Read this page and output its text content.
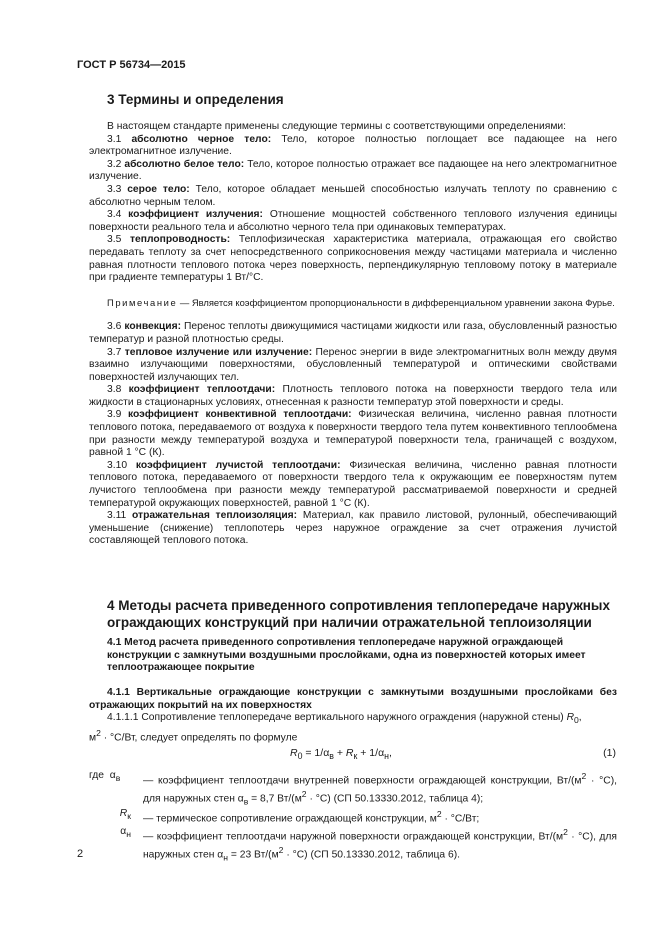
ГОСТ Р 56734—2015
3 Термины и определения

В настоящем стандарте применены следующие термины с соответствующими определениями:

3.1 абсолютно черное тело: Тело, которое полностью поглощает все падающее на него электромагнитное излучение.

3.2 абсолютно белое тело: Тело, которое полностью отражает все падающее на него электромагнитное излучение.

3.3 серое тело: Тело, которое обладает меньшей способностью излучать теплоту по сравнению с абсолютно черным телом.

3.4 коэффициент излучения: Отношение мощностей собственного теплового излучения единицы поверхности реального тела и абсолютно черного тела при одинаковых температурах.

3.5 теплопроводность: Теплофизическая характеристика материала, отражающая его свойство передавать теплоту за счет непосредственного соприкосновения между частицами материала и численно равная плотности теплового потока через поверхность, перпендикулярную тепловому потоку в материале при градиенте температуры 1 Вт/°С.

Примечание — Является коэффициентом пропорциональности в дифференциальном уравнении закона Фурье.

3.6 конвекция: Перенос теплоты движущимися частицами жидкости или газа, обусловленный разностью температур и разной плотностью среды.

3.7 тепловое излучение или излучение: Перенос энергии в виде электромагнитных волн между двумя взаимно излучающими поверхностями, обусловленный температурой и оптическими свойствами поверхностей излучающих тел.

3.8 коэффициент теплоотдачи: Плотность теплового потока на поверхности твердого тела или жидкости в стационарных условиях, отнесенная к разности температур этой поверхности и среды.

3.9 коэффициент конвективной теплоотдачи: Физическая величина, численно равная плотности теплового потока, передаваемого от воздуха к поверхности твердого тела путем конвективного теплообмена при разности между температурой воздуха и температурой поверхности тела, граничащей с воздухом, равной 1 °С (К).

3.10 коэффициент лучистой теплоотдачи: Физическая величина, численно равная плотности теплового потока, передаваемого от поверхности твердого тела к окружающим ее поверхностям путем лучистого теплообмена при разности между температурой рассматриваемой поверхности и средней температурой окружающих поверхностей, равной 1 °С (К).

3.11 отражательная теплоизоляция: Материал, как правило листовой, рулонный, обеспечивающий уменьшение (снижение) теплопотерь через наружное ограждение за счет отражения лучистой составляющей теплового потока.

4 Методы расчета приведенного сопротивления теплопередаче наружных ограждающих конструкций при наличии отражательной теплоизоляции
4.1 Метод расчета приведенного сопротивления теплопередаче наружной ограждающей конструкции с замкнутыми воздушными прослойками, одна из поверхностей которых имеет теплоотражающее покрытие

4.1.1 Вертикальные ограждающие конструкции с замкнутыми воздушными прослойками без отражающих покрытий на их поверхностях

4.1.1.1 Сопротивление теплопередаче вертикального наружного ограждения (наружной стены) $R_0$,

$м^2 \cdot ^\circ С/Вт$, следует определять по формуле

$R_0 = 1/\alpha_в + R_к + 1/\alpha_н$,	(1)
где $\alpha_в$	— коэффициент теплоотдачи внутренней поверхности ограждающей конструкции, $Вт/(м^2 \cdot ^\circ С)$, для наружных стен $\alpha_в = 8,7$ $Вт/(м^2 \cdot ^\circ С)$ (СП 50.13330.2012, таблица 4);
$R_к$ — термическое сопротивление ограждающей конструкции, $м^2 \cdot ^\circ С/Вт$;
$\alpha_н$ — коэффициент теплоотдачи наружной поверхности ограждающей конструкции, $Вт/(м^2 \cdot ^\circ С)$, для наружных стен $\alpha_н = 23$ $Вт/(м^2 \cdot ^\circ С)$ (СП 50.13330.2012, таблица 6).
2
